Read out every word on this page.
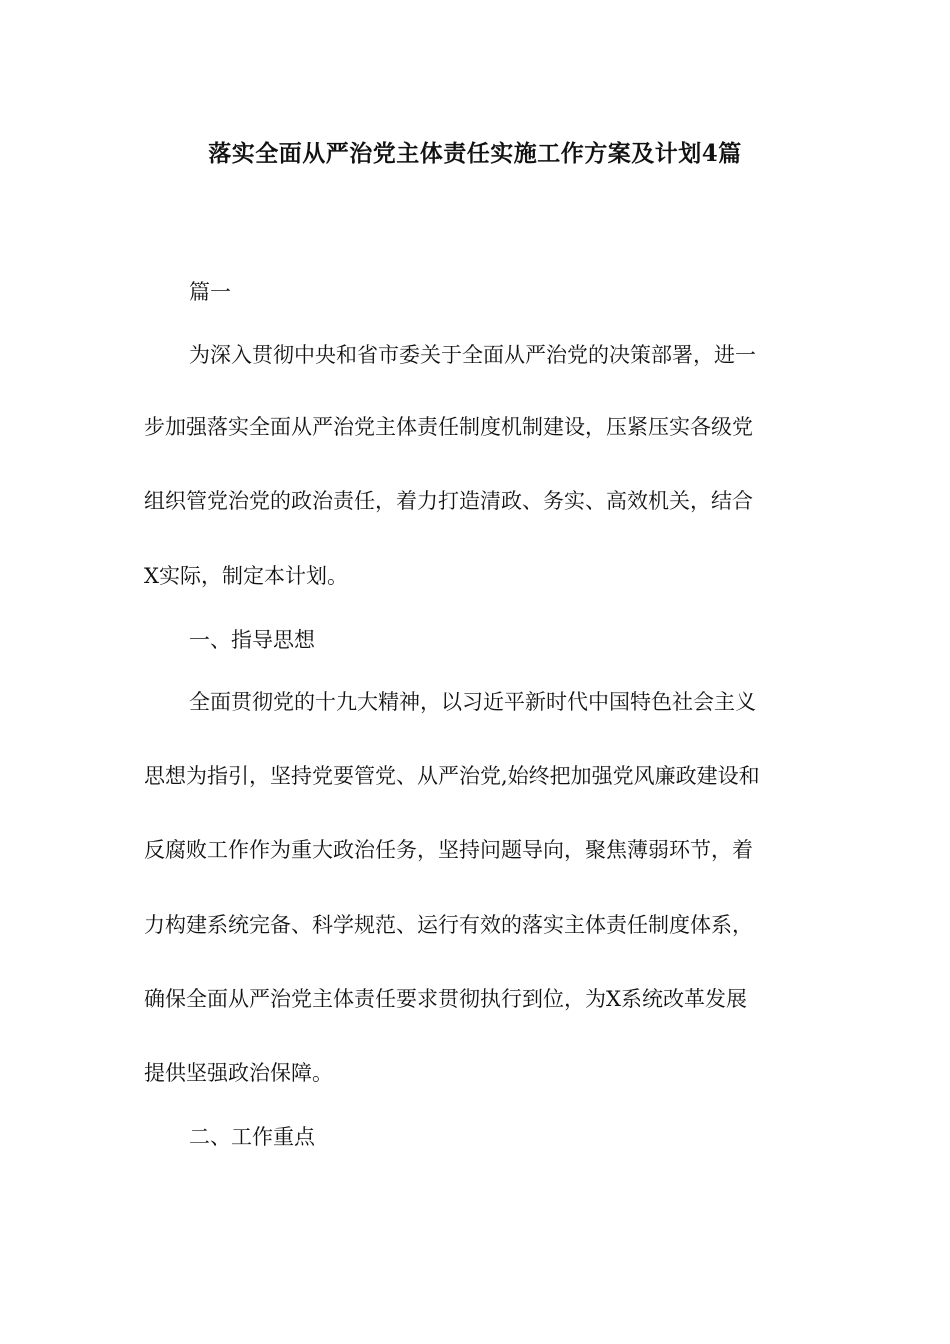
落实全面从严治党主体责任实施工作方案及计划4篇
篇一
为深入贯彻中央和省市委关于全面从严治党的决策部署，进一
步加强落实全面从严治党主体责任制度机制建设，压紧压实各级党
组织管党治党的政治责任，着力打造清政、务实、高效机关，结合
X实际，制定本计划。
一、指导思想
全面贯彻党的十九大精神，以习近平新时代中国特色社会主义
思想为指引，坚持党要管党、从严治党,始终把加强党风廉政建设和
反腐败工作作为重大政治任务，坚持问题导向，聚焦薄弱环节，着
力构建系统完备、科学规范、运行有效的落实主体责任制度体系，
确保全面从严治党主体责任要求贯彻执行到位，为X系统改革发展
提供坚强政治保障。
二、工作重点
